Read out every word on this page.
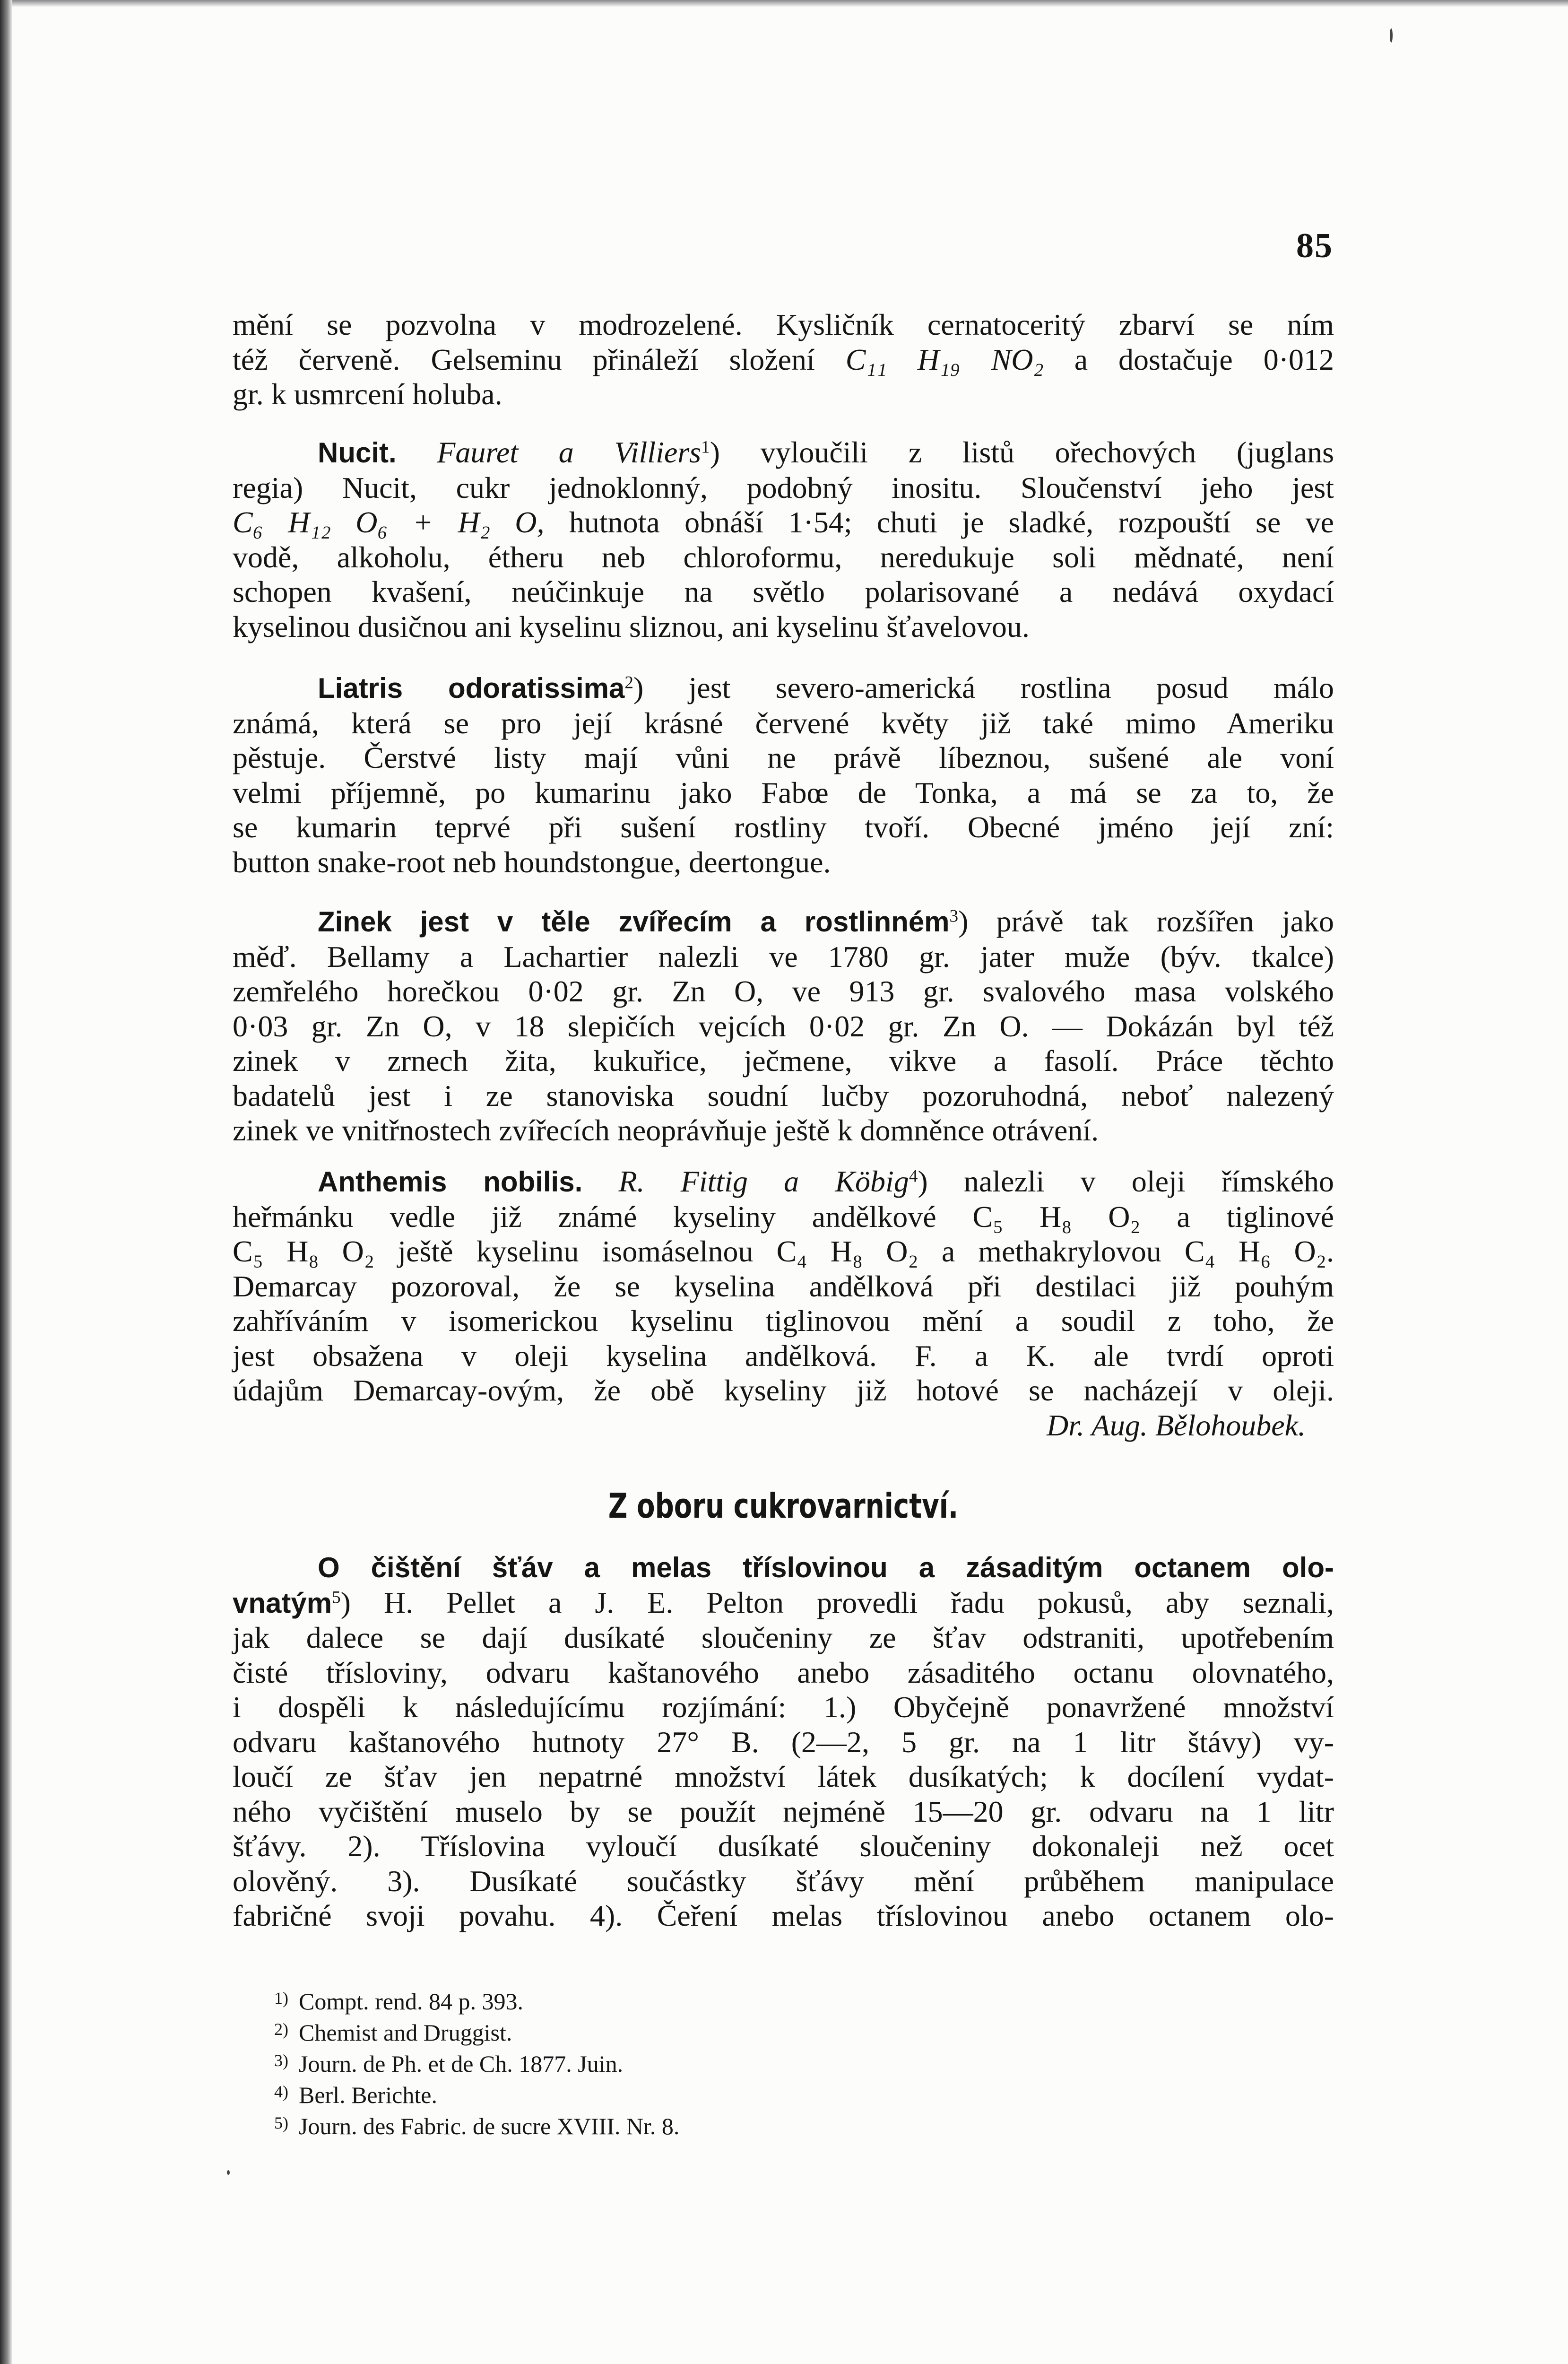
85
mění se pozvolna v modrozelené. Kysličník cernatoceritý zbarví se ním
též červeně. Gelseminu přináleží složení C₁₁ H₁₉ NO₂ a dostačuje 0·012
gr. k usmrcení holuba.
Nucit. Fauret a Villiers$^1$) vyloučili z listů ořechových (juglans
regia) Nucit, cukr jednoklonný, podobný inositu. Sloučenství jeho jest
C₆ H₁₂ O₆ + H₂ O, hutnota obnáší 1·54; chuti je sladké, rozpouští se ve
vodě, alkoholu, étheru neb chloroformu, neredukuje soli mědnaté, není
schopen kvašení, neúčinkuje na světlo polarisované a nedává oxydací
kyselinou dusičnou ani kyselinu sliznou, ani kyselinu šťavelovou.
Liatris odoratissima$^2$) jest severo-americká rostlina posud málo
známá, která se pro její krásné červené květy již také mimo Ameriku
pěstuje. Čerstvé listy mají vůni ne právě líbeznou, sušené ale voní
velmi příjemně, po kumarinu jako Fabœ de Tonka, a má se za to, že
se kumarin teprvé při sušení rostliny tvoří. Obecné jméno její zní:
button snake-root neb houndstongue, deertongue.
Zinek jest v těle zvířecím a rostlinném$^3$) právě tak rozšířen jako
měď. Bellamy a Lachartier nalezli ve 1780 gr. jater muže (býv. tkalce)
zemřelého horečkou 0·02 gr. Zn O, ve 913 gr. svalového masa volského
0·03 gr. Zn O, v 18 slepičích vejcích 0·02 gr. Zn O. — Dokázán byl též
zinek v zrnech žita, kukuřice, ječmene, vikve a fasolí. Práce těchto
badatelů jest i ze stanoviska soudní lučby pozoruhodná, neboť nalezený
zinek ve vnitřnostech zvířecích neoprávňuje ještě k domněnce otrávení.
Anthemis nobilis. R. Fittig a Köbig$^4$) nalezli v oleji římského
heřmánku vedle již známé kyseliny andělkové C₅ H₈ O₂ a tiglinové
C₅ H₈ O₂ ještě kyselinu isomáselnou C₄ H₈ O₂ a methakrylovou C₄ H₆ O₂.
Demarcay pozoroval, že se kyselina andělková při destilaci již pouhým
zahříváním v isomerickou kyselinu tiglinovou mění a soudil z toho, že
jest obsažena v oleji kyselina andělková. F. a K. ale tvrdí oproti
údajům Demarcay-ovým, že obě kyseliny již hotové se nacházejí v oleji.
Dr. Aug. Bělohoubek.
Z oboru cukrovarnictví.
O čištění šťáv a melas tříslovinou a zásaditým octanem olo-
vnatým$^5$) H. Pellet a J. E. Pelton provedli řadu pokusů, aby seznali,
jak dalece se dají dusíkaté sloučeniny ze šťav odstraniti, upotřebením
čisté třísloviny, odvaru kaštanového anebo zásaditého octanu olovnatého,
i dospěli k následujícímu rozjímání: 1.) Obyčejně ponavržené množství
odvaru kaštanového hutnoty 27° B. (2—2, 5 gr. na 1 litr štávy) vy-
loučí ze šťav jen nepatrné množství látek dusíkatých; k docílení vydat-
ného vyčištění muselo by se použít nejméně 15—20 gr. odvaru na 1 litr
šťávy. 2). Tříslovina vyloučí dusíkaté sloučeniny dokonaleji než ocet
olověný. 3). Dusíkaté součástky šťávy mění průběhem manipulace
fabričné svoji povahu. 4). Čeření melas tříslovinou anebo octanem olo-
1) Compt. rend. 84 p. 393.
2) Chemist and Druggist.
3) Journ. de Ph. et de Ch. 1877. Juin.
4) Berl. Berichte.
5) Journ. des Fabric. de sucre XVIII. Nr. 8.
